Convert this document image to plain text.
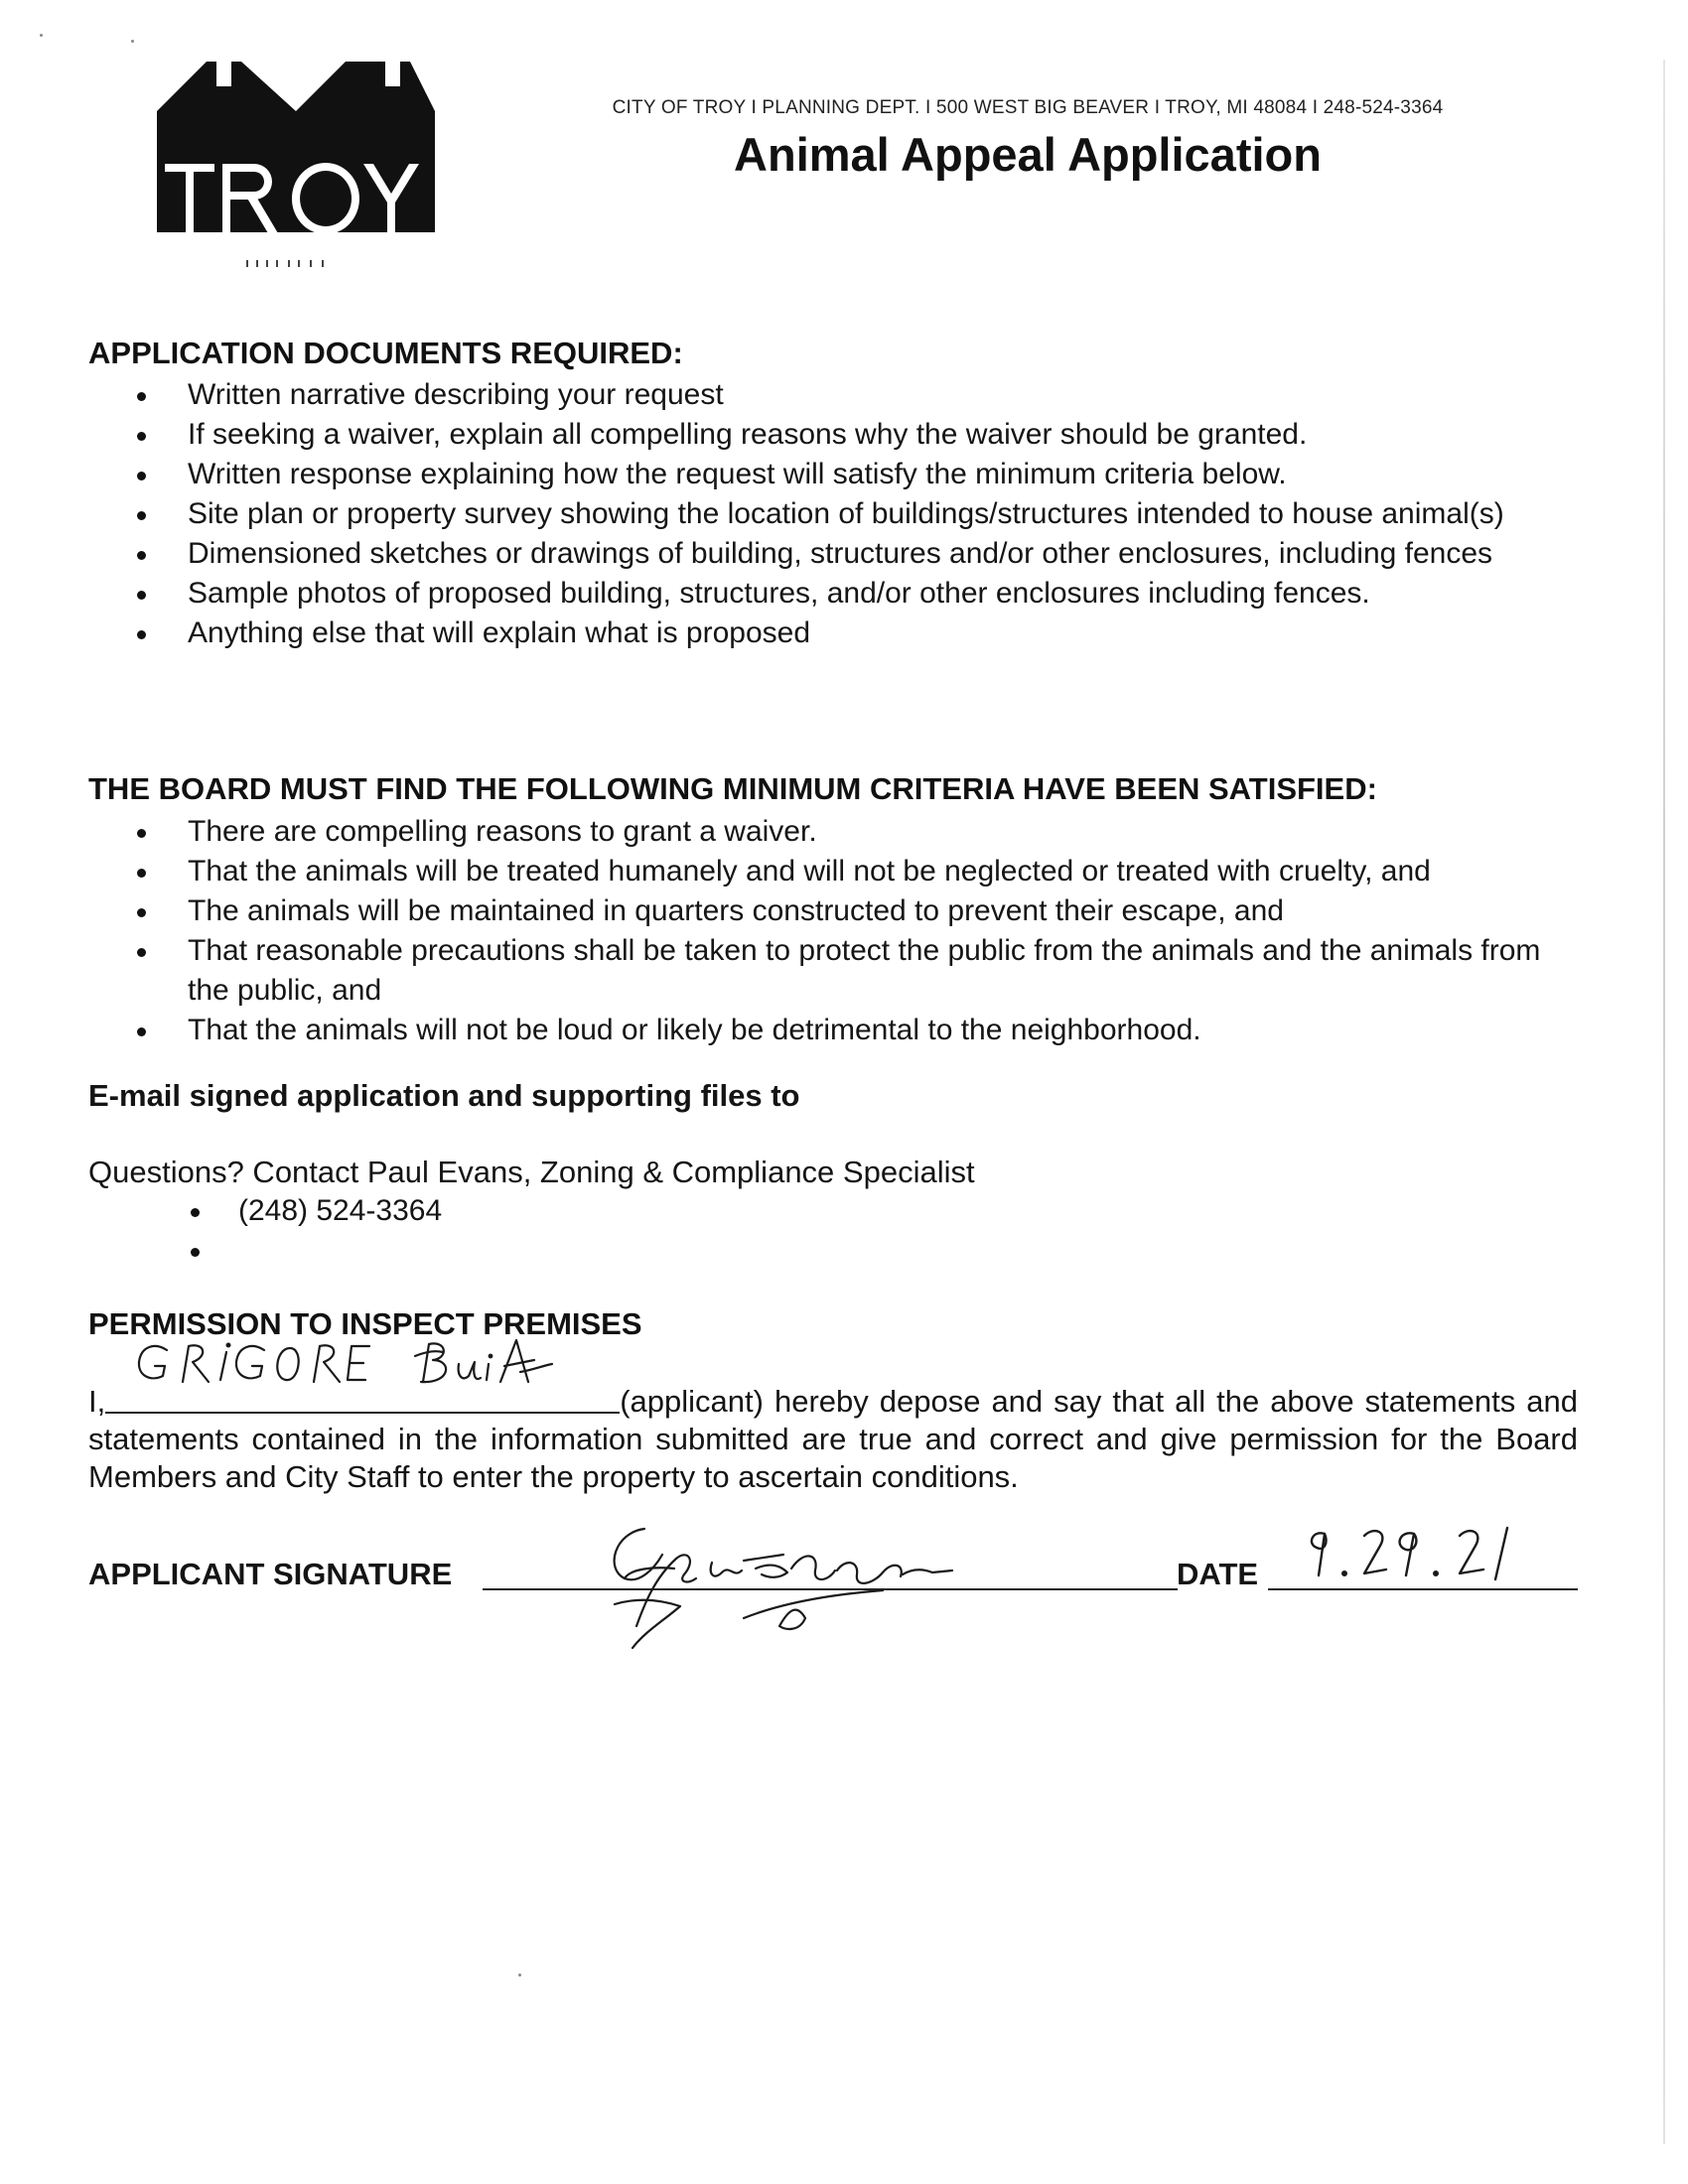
CITY OF TROY I PLANNING DEPT. I 500 WEST BIG BEAVER I TROY, MI 48084 I 248-524-3364
Animal Appeal Application
APPLICATION DOCUMENTS REQUIRED:
Written narrative describing your request
If seeking a waiver, explain all compelling reasons why the waiver should be granted.
Written response explaining how the request will satisfy the minimum criteria below.
Site plan or property survey showing the location of buildings/structures intended to house animal(s)
Dimensioned sketches or drawings of building, structures and/or other enclosures, including fences
Sample photos of proposed building, structures, and/or other enclosures including fences.
Anything else that will explain what is proposed
THE BOARD MUST FIND THE FOLLOWING MINIMUM CRITERIA HAVE BEEN SATISFIED:
There are compelling reasons to grant a waiver.
That the animals will be treated humanely and will not be neglected or treated with cruelty, and
The animals will be maintained in quarters constructed to prevent their escape, and
That reasonable precautions shall be taken to protect the public from the animals and the animals from the public, and
That the animals will not be loud or likely be detrimental to the neighborhood.
E-mail signed application and supporting files to
Questions? Contact Paul Evans, Zoning & Compliance Specialist
(248) 524-3364
PERMISSION TO INSPECT PREMISES

I,	(applicant) hereby depose and say that all the above statements and statements contained in the information submitted are true and correct and give permission for the Board Members and City Staff to enter the property to ascertain conditions.

APPLICANT SIGNATURE	DATE
